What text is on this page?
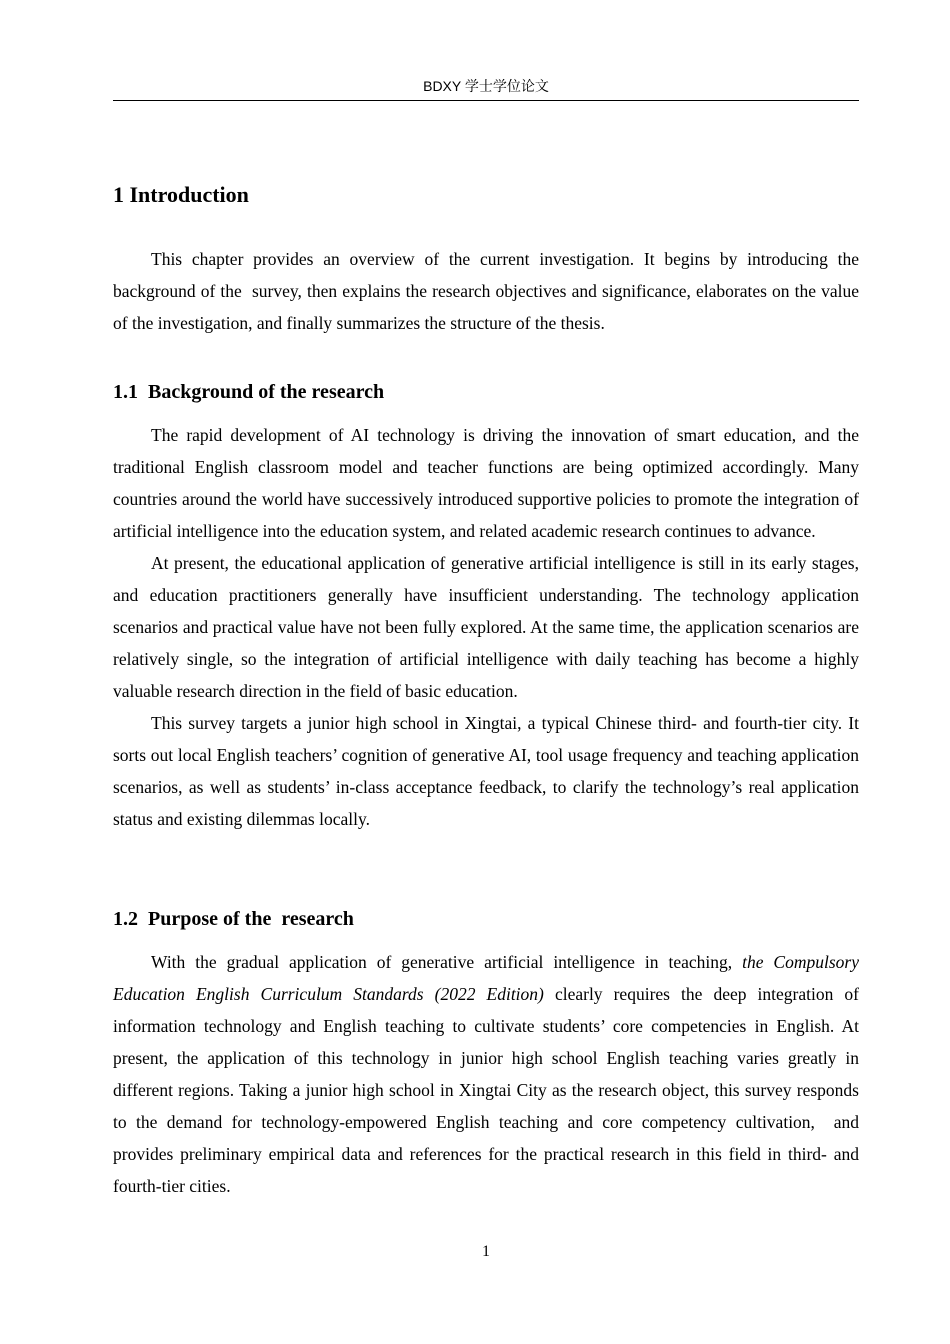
BDXY 学士学位论文
1 Introduction

This chapter provides an overview of the current investigation. It begins by introducing the background of the  survey, then explains the research objectives and significance, elaborates on the value of the investigation, and finally summarizes the structure of the thesis.

1.1  Background of the research

The rapid development of AI technology is driving the innovation of smart education, and the traditional English classroom model and teacher functions are being optimized accordingly. Many countries around the world have successively introduced supportive policies to promote the integration of artificial intelligence into the education system, and related academic research continues to advance.

At present, the educational application of generative artificial intelligence is still in its early stages, and education practitioners generally have insufficient understanding. The technology application scenarios and practical value have not been fully explored. At the same time, the application scenarios are relatively single, so the integration of artificial intelligence with daily teaching has become a highly valuable research direction in the field of basic education.

This survey targets a junior high school in Xingtai, a typical Chinese third- and fourth-tier city. It sorts out local English teachers’ cognition of generative AI, tool usage frequency and teaching application scenarios, as well as students’ in-class acceptance feedback, to clarify the technology’s real application status and existing dilemmas locally.

1.2  Purpose of the  research

With the gradual application of generative artificial intelligence in teaching, the Compulsory Education English Curriculum Standards (2022 Edition) clearly requires the deep integration of information technology and English teaching to cultivate students’ core competencies in English. At present, the application of this technology in junior high school English teaching varies greatly in different regions. Taking a junior high school in Xingtai City as the research object, this survey responds to the demand for technology-empowered English teaching and core competency cultivation,  and provides preliminary empirical data and references for the practical research in this field in third- and fourth-tier cities.

1
